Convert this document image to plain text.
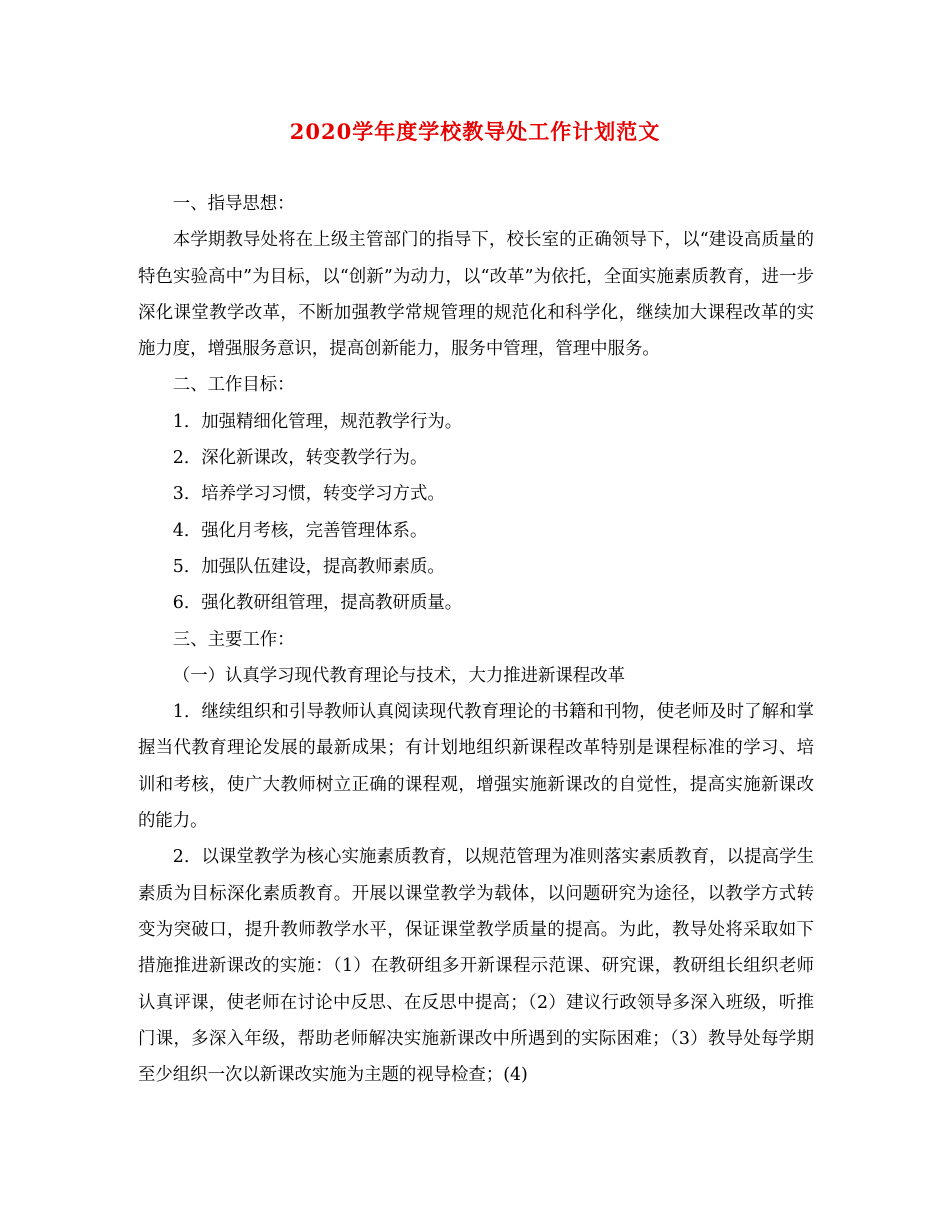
2020学年度学校教导处工作计划范文

一、指导思想：

本学期教导处将在上级主管部门的指导下，校长室的正确领导下，以“建设高质量的特色实验高中”为目标，以“创新”为动力，以“改革”为依托，全面实施素质教育，进一步深化课堂教学改革，不断加强教学常规管理的规范化和科学化，继续加大课程改革的实施力度，增强服务意识，提高创新能力，服务中管理，管理中服务。

二、工作目标：

1．加强精细化管理，规范教学行为。

2．深化新课改，转变教学行为。

3．培养学习习惯，转变学习方式。

4．强化月考核，完善管理体系。

5．加强队伍建设，提高教师素质。

6．强化教研组管理，提高教研质量。

三、主要工作：

（一）认真学习现代教育理论与技术，大力推进新课程改革

1．继续组织和引导教师认真阅读现代教育理论的书籍和刊物，使老师及时了解和掌握当代教育理论发展的最新成果；有计划地组织新课程改革特别是课程标准的学习、培训和考核，使广大教师树立正确的课程观，增强实施新课改的自觉性，提高实施新课改的能力。

2．以课堂教学为核心实施素质教育，以规范管理为准则落实素质教育，以提高学生素质为目标深化素质教育。开展以课堂教学为载体，以问题研究为途径，以教学方式转变为突破口，提升教师教学水平，保证课堂教学质量的提高。为此，教导处将采取如下措施推进新课改的实施：（1）在教研组多开新课程示范课、研究课，教研组长组织老师认真评课，使老师在讨论中反思、在反思中提高；（2）建议行政领导多深入班级，听推门课，多深入年级，帮助老师解决实施新课改中所遇到的实际困难；（3）教导处每学期至少组织一次以新课改实施为主题的视导检查；(4)
